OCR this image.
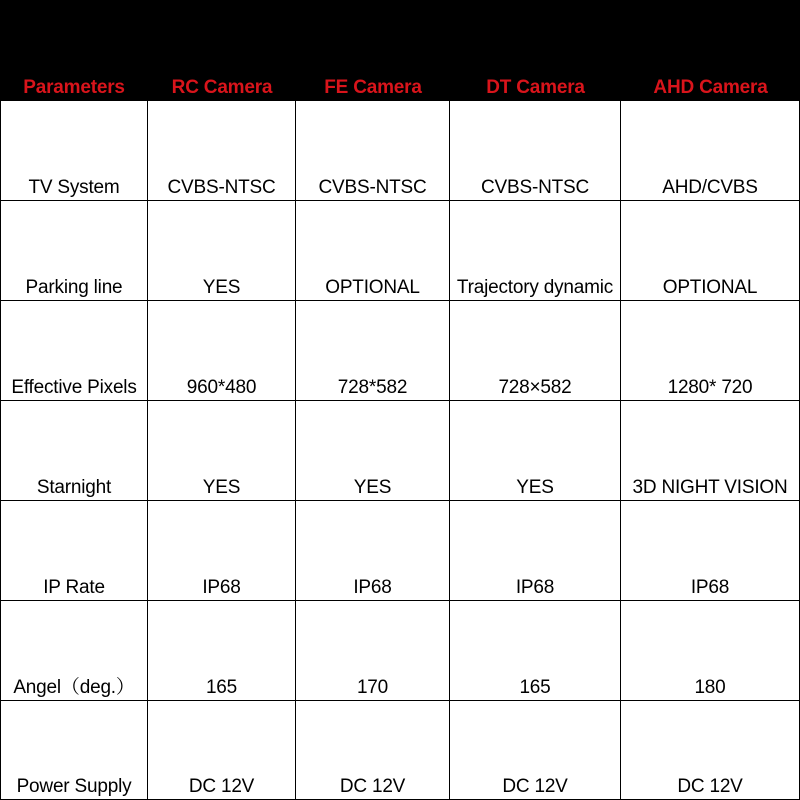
Parameters	RC Camera	FE Camera	DT Camera	AHD Camera
TV System	CVBS-NTSC	CVBS-NTSC	CVBS-NTSC	AHD/CVBS
Parking line	YES	OPTIONAL	Trajectory dynamic	OPTIONAL
Effective Pixels	960*480	728*582	728×582	1280* 720
Starnight	YES	YES	YES	3D NIGHT VISION
IP Rate	IP68	IP68	IP68	IP68
Angel（deg.）	165	170	165	180
Power Supply	DC 12V	DC 12V	DC 12V	DC 12V
